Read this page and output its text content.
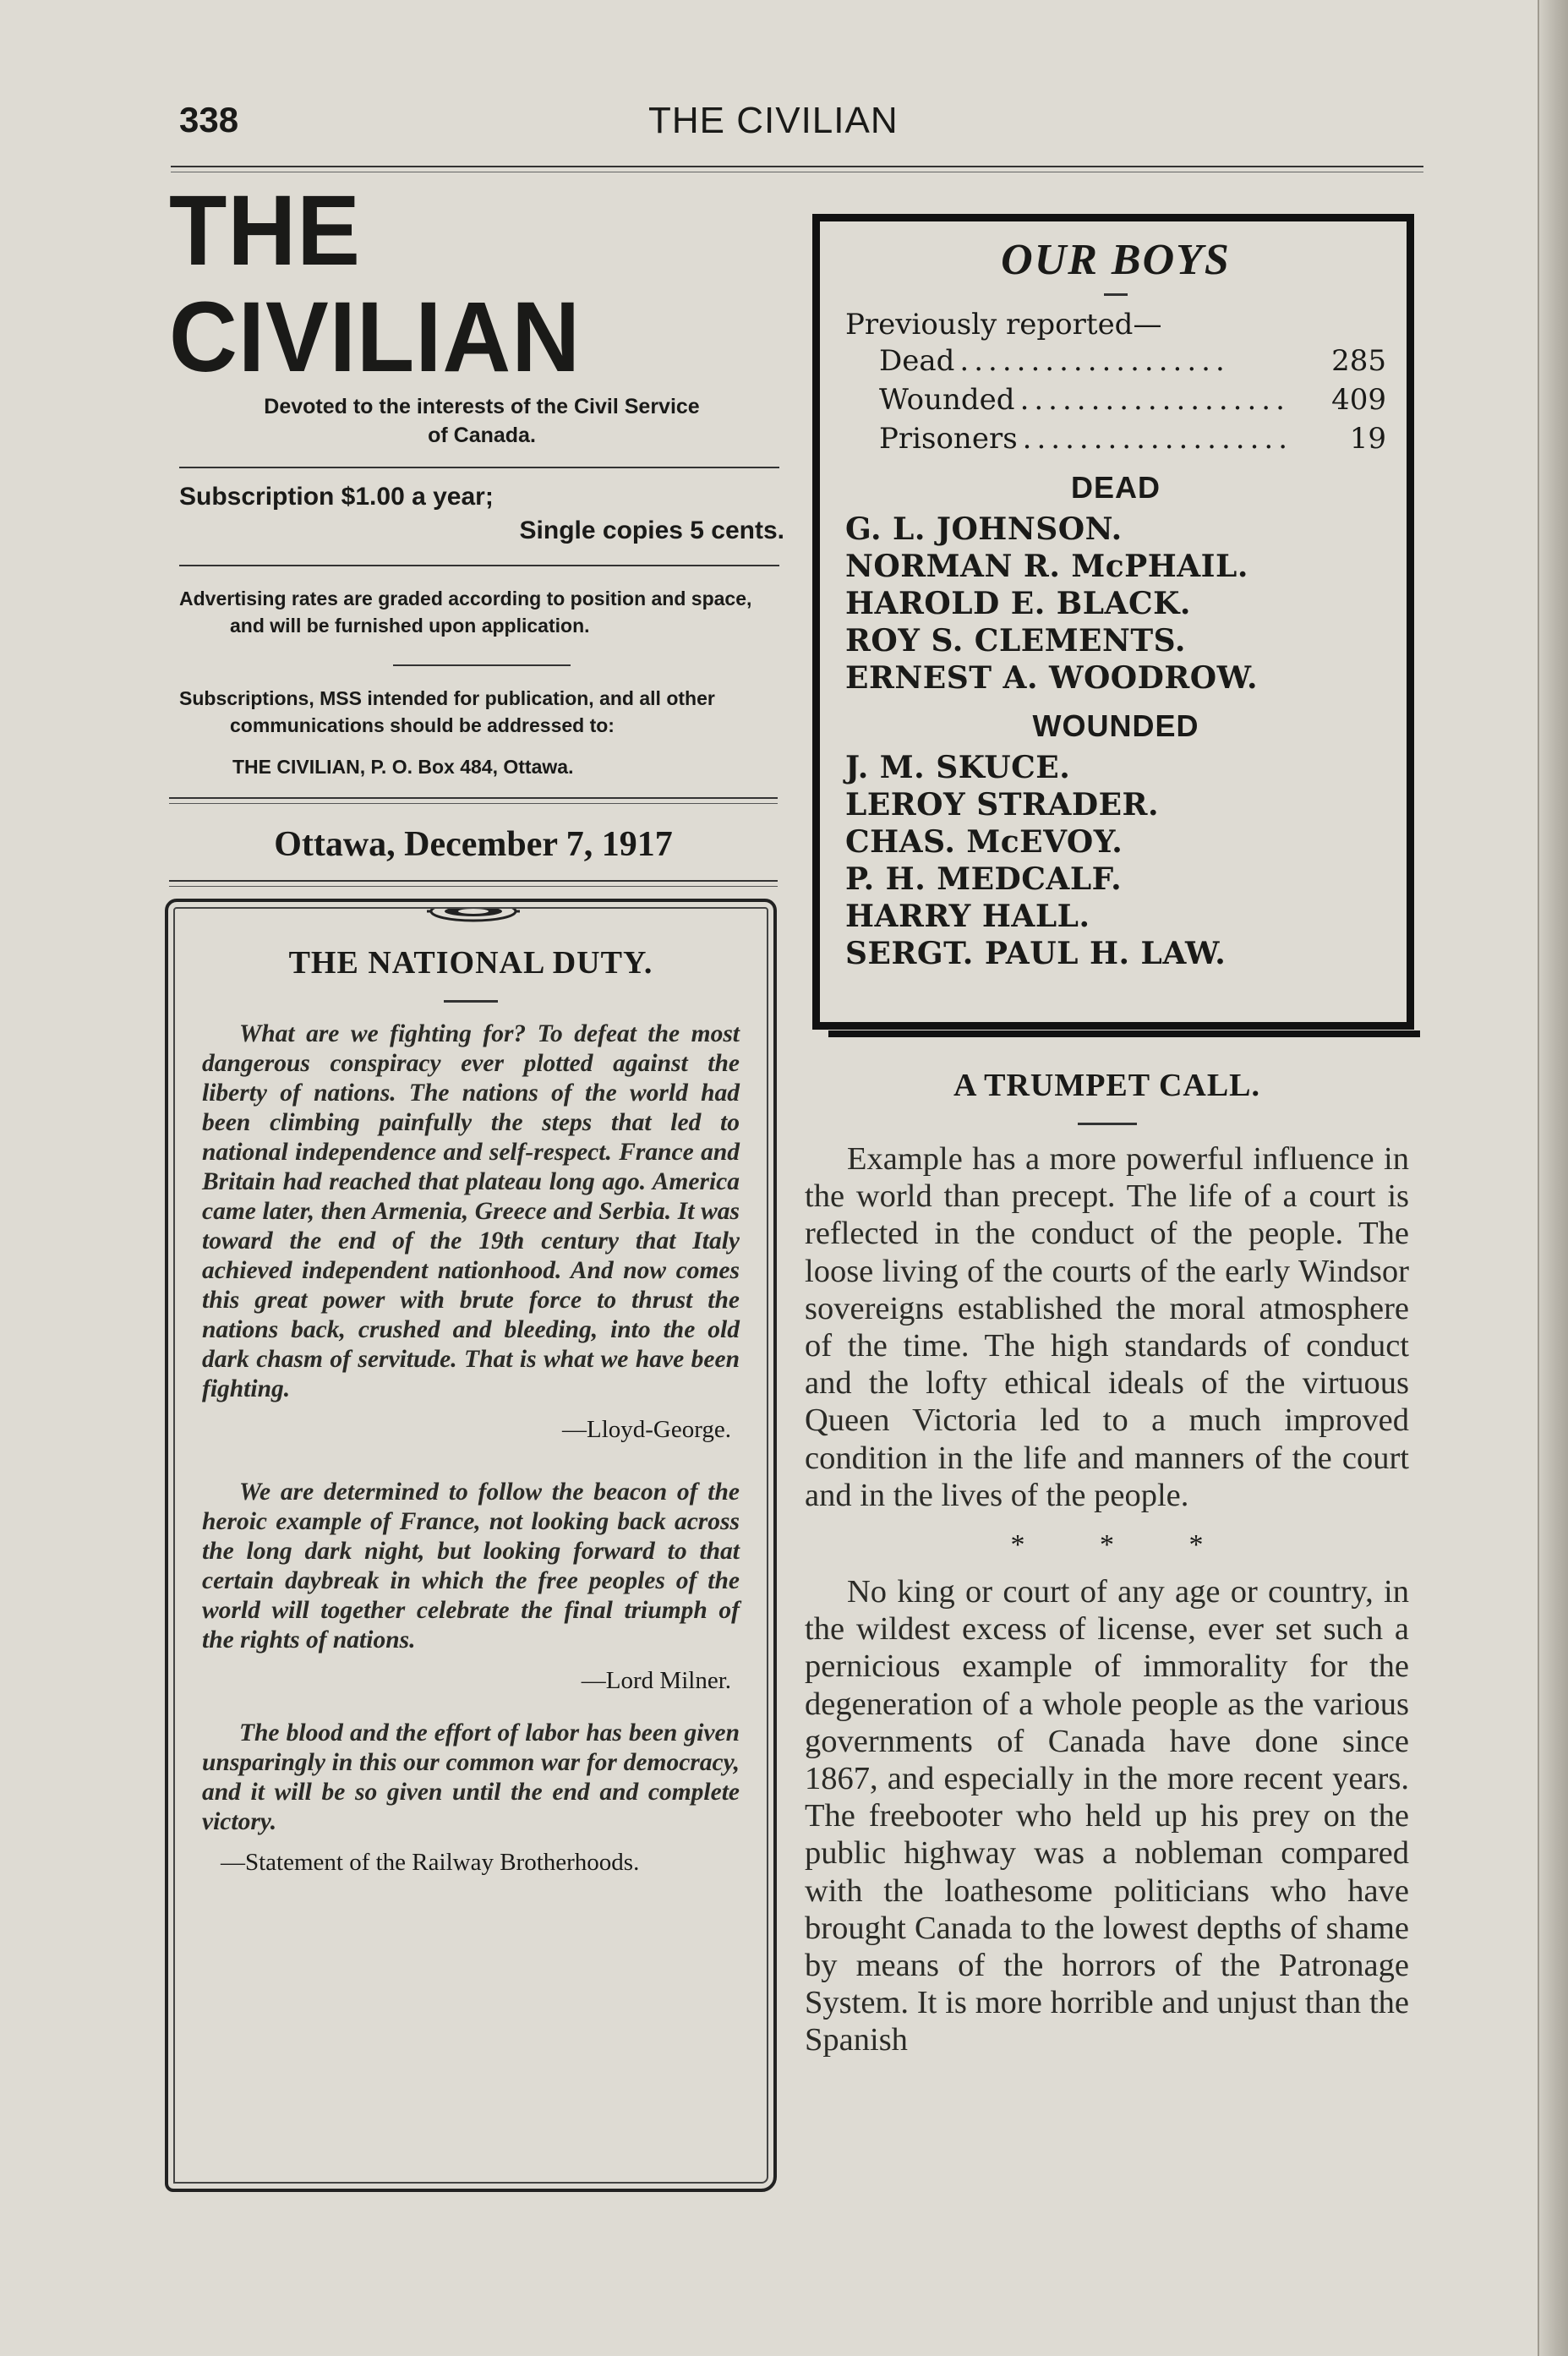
338	THE CIVILIAN
THE CIVILIAN
Devoted to the interests of the Civil Service
of Canada.
Subscription $1.00 a year;
Single copies 5 cents.
Advertising rates are graded according to position and space, and will be furnished upon application.
Subscriptions, MSS intended for publication, and all other communications should be addressed to:
THE CIVILIAN, P. O. Box 484, Ottawa.
Ottawa, December 7, 1917
THE NATIONAL DUTY.

What are we fighting for? To defeat the most dangerous conspiracy ever plotted against the liberty of nations. The nations of the world had been climbing painfully the steps that led to national independence and self-respect. France and Britain had reached that plateau long ago. America came later, then Armenia, Greece and Serbia. It was toward the end of the 19th century that Italy achieved independent nationhood. And now comes this great power with brute force to thrust the nations back, crushed and bleeding, into the old dark chasm of servitude. That is what we have been fighting.

—Lloyd-George.

We are determined to follow the beacon of the heroic example of France, not looking back across the long dark night, but looking forward to that certain daybreak in which the free peoples of the world will together celebrate the final triumph of the rights of nations.

—Lord Milner.

The blood and the effort of labor has been given unsparingly in this our common war for democracy, and it will be so given until the end and complete victory.

—Statement of the Railway Brotherhoods.

OUR BOYS
Previously reported—
Dead ...................	285
Wounded ...................	409
Prisoners ...................	19
DEAD
G. L. JOHNSON.
NORMAN R. McPHAIL.
HAROLD E. BLACK.
ROY S. CLEMENTS.
ERNEST A. WOODROW.
WOUNDED
J. M. SKUCE.
LEROY STRADER.
CHAS. McEVOY.
P. H. MEDCALF.
HARRY HALL.
SERGT. PAUL H. LAW.
A TRUMPET CALL.

Example has a more powerful influence in the world than precept. The life of a court is reflected in the conduct of the people. The loose living of the courts of the early Windsor sovereigns established the moral atmosphere of the time. The high standards of conduct and the lofty ethical ideals of the virtuous Queen Victoria led to a much improved condition in the life and manners of the court and in the lives of the people.

* * *

No king or court of any age or country, in the wildest excess of license, ever set such a pernicious example of immorality for the degeneration of a whole people as the various governments of Canada have done since 1867, and especially in the more recent years. The freebooter who held up his prey on the public highway was a nobleman compared with the loathesome politicians who have brought Canada to the lowest depths of shame by means of the horrors of the Patronage System. It is more horrible and unjust than the Spanish
